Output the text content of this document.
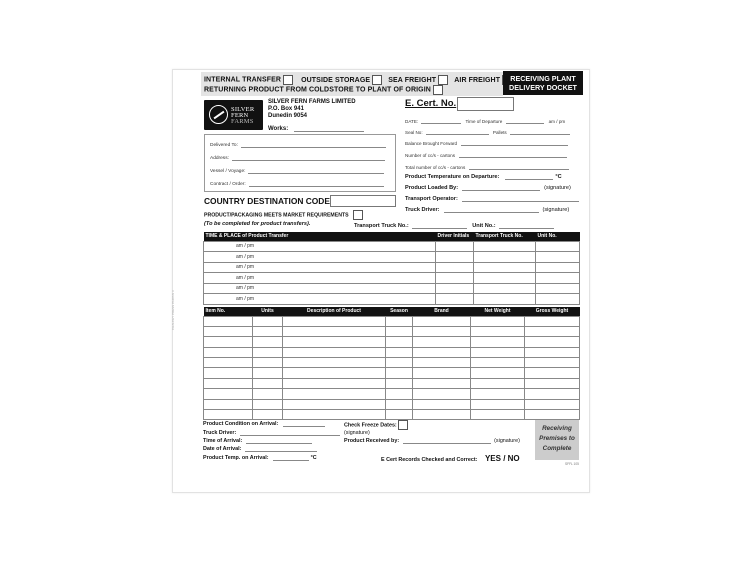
INTERNAL TRANSFER	OUTSIDE STORAGE	SEA FREIGHT	AIR FREIGHT
RETURNING PRODUCT FROM COLDSTORE TO PLANT OF ORIGIN
RECEIVING PLANT
DELIVERY DOCKET
SILVER
FERN
FARMS
SILVER FERN FARMS LIMITED
P.O. Box 941
Dunedin 9054
Works:
Delivered To:
Address:
Vessel / Voyage:
Contract / Order:
E. Cert. No.
DATE:	Time of Departure	am / pm
Seal No:	Pallets
Balance Brought Forward
Number of cc/s - cartons
Total number of cc/s - cartons
Product Temperature on Departure:	°C
Product Loaded By:	(signature)
Transport Operator:
Truck Driver:	(signature)
COUNTRY DESTINATION CODE
PRODUCT/PACKAGING MEETS MARKET REQUIREMENTS
(To be completed for product transfers).	Transport Truck No.:	Unit No.:
TIME & PLACE of Product Transfer	Driver Initials	Transport Truck No.	Unit No.
am / pm			
am / pm			
am / pm			
am / pm			
am / pm			
am / pm			
Item No.	Units	Description of Product	Season	Brand	Net Weight	Gross Weight

Product Condition on Arrival:	Check Freeze Dates:
Truck Driver:	(signature)
Time of Arrival:	Product Received by:	(signature)
Date of Arrival:
Product Temp. on Arrival:	°C	E Cert Records Checked and Correct: YES / NO
Receiving
Premises to
Complete
SFFL 105
CHALCEY PRESS PARITAI 3
